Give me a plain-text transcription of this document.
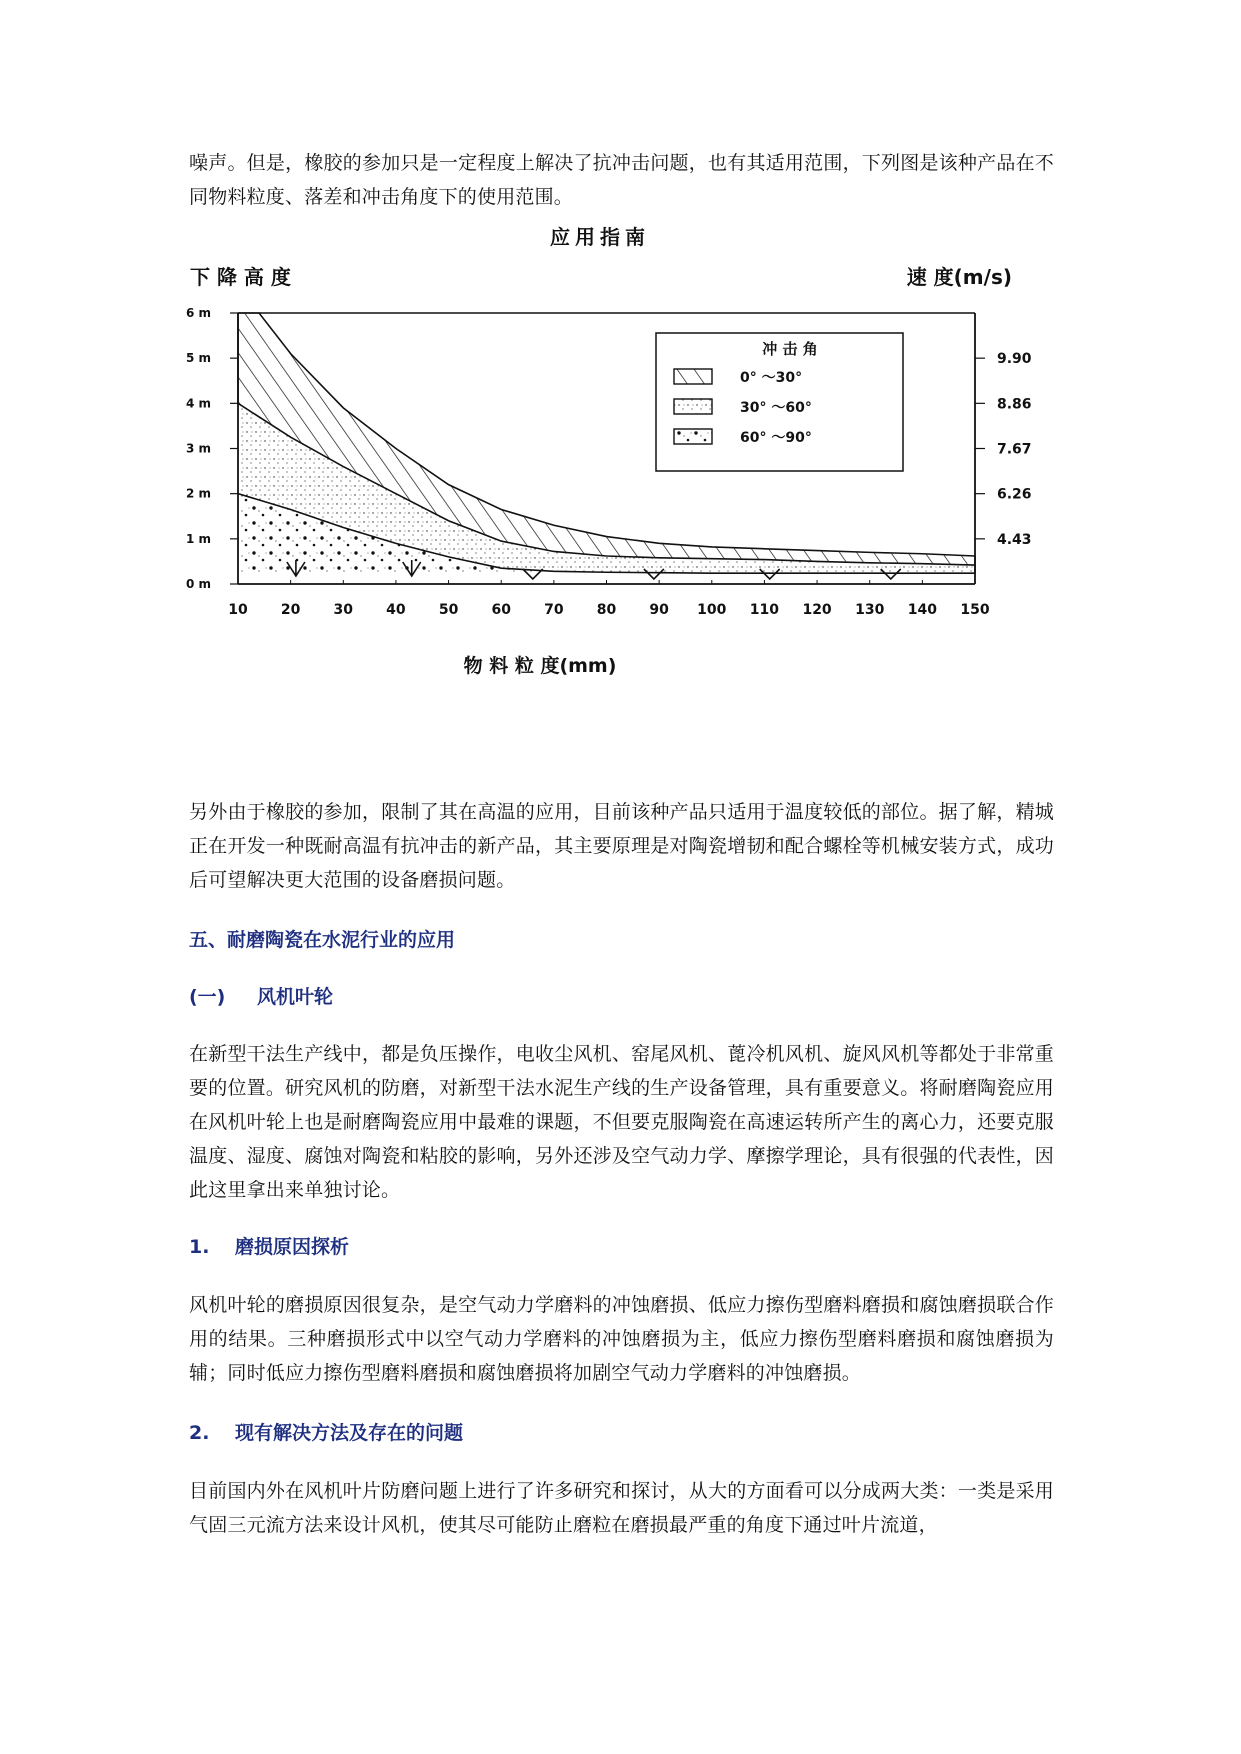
噪声。但是，橡胶的参加只是一定程度上解决了抗冲击问题，也有其适用范围，下列图是该种产品在不同物料粒度、落差和冲击角度下的使用范围。
应用指南
下 降 高 度	速 度(m/s)
冲 击 角
0° ～30°
30° ～60°
60° ～90°
10 20 30 40 50 60 70 80 90 100 110 120 130 140 150
0 m
1 m
2 m
3 m
4 m
5 m
6 m
4.43
6.26
7.67
8.86
9.90
物 料 粒 度(mm)
另外由于橡胶的参加，限制了其在高温的应用，目前该种产品只适用于温度较低的部位。据了解，精城正在开发一种既耐高温有抗冲击的新产品，其主要原理是对陶瓷增韧和配合螺栓等机械安装方式，成功后可望解决更大范围的设备磨损问题。
五、耐磨陶瓷在水泥行业的应用
(一) 风机叶轮
在新型干法生产线中，都是负压操作，电收尘风机、窑尾风机、蓖冷机风机、旋风风机等都处于非常重要的位置。研究风机的防磨，对新型干法水泥生产线的生产设备管理，具有重要意义。将耐磨陶瓷应用在风机叶轮上也是耐磨陶瓷应用中最难的课题，不但要克服陶瓷在高速运转所产生的离心力，还要克服温度、湿度、腐蚀对陶瓷和粘胶的影响，另外还涉及空气动力学、摩擦学理论，具有很强的代表性，因此这里拿出来单独讨论。
1. 磨损原因探析
风机叶轮的磨损原因很复杂，是空气动力学磨料的冲蚀磨损、低应力擦伤型磨料磨损和腐蚀磨损联合作用的结果。三种磨损形式中以空气动力学磨料的冲蚀磨损为主，低应力擦伤型磨料磨损和腐蚀磨损为辅；同时低应力擦伤型磨料磨损和腐蚀磨损将加剧空气动力学磨料的冲蚀磨损。
2. 现有解决方法及存在的问题
目前国内外在风机叶片防磨问题上进行了许多研究和探讨，从大的方面看可以分成两大类：一类是采用气固三元流方法来设计风机，使其尽可能防止磨粒在磨损最严重的角度下通过叶片流道，
